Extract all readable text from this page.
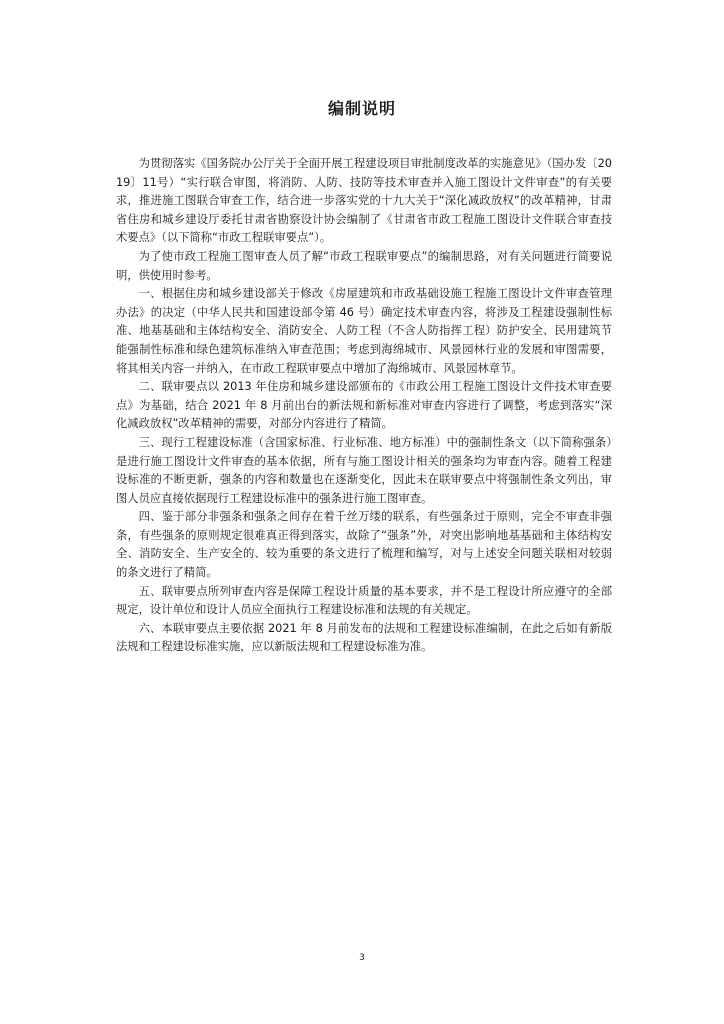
编制说明

为贯彻落实《国务院办公厅关于全面开展工程建设项目审批制度改革的实施意见》（国办发〔2019〕11号）“实行联合审图，将消防、人防、技防等技术审查并入施工图设计文件审查”的有关要求，推进施工图联合审查工作，结合进一步落实党的十九大关于“深化减政放权”的改革精神，甘肃省住房和城乡建设厅委托甘肃省勘察设计协会编制了《甘肃省市政工程施工图设计文件联合审查技术要点》（以下简称“市政工程联审要点”）。

为了使市政工程施工图审查人员了解“市政工程联审要点”的编制思路，对有关问题进行简要说明，供使用时参考。

一、根据住房和城乡建设部关于修改《房屋建筑和市政基础设施工程施工图设计文件审查管理办法》的决定（中华人民共和国建设部令第 46 号）确定技术审查内容，将涉及工程建设强制性标准、地基基础和主体结构安全、消防安全、人防工程（不含人防指挥工程）防护安全、民用建筑节能强制性标准和绿色建筑标准纳入审查范围；考虑到海绵城市、风景园林行业的发展和审图需要，将其相关内容一并纳入，在市政工程联审要点中增加了海绵城市、风景园林章节。

二、联审要点以 2013 年住房和城乡建设部颁布的《市政公用工程施工图设计文件技术审查要点》为基础，结合 2021 年 8 月前出台的新法规和新标准对审查内容进行了调整，考虑到落实“深化减政放权”改革精神的需要，对部分内容进行了精简。

三、现行工程建设标准（含国家标准、行业标准、地方标准）中的强制性条文（以下简称强条）是进行施工图设计文件审查的基本依据，所有与施工图设计相关的强条均为审查内容。随着工程建设标准的不断更新，强条的内容和数量也在逐渐变化，因此未在联审要点中将强制性条文列出，审图人员应直接依据现行工程建设标准中的强条进行施工图审查。

四、鉴于部分非强条和强条之间存在着千丝万缕的联系，有些强条过于原则，完全不审查非强条，有些强条的原则规定很难真正得到落实，故除了“强条”外，对突出影响地基基础和主体结构安全、消防安全、生产安全的、较为重要的条文进行了梳理和编写，对与上述安全问题关联相对较弱的条文进行了精简。

五、联审要点所列审查内容是保障工程设计质量的基本要求，并不是工程设计所应遵守的全部规定，设计单位和设计人员应全面执行工程建设标准和法规的有关规定。

六、本联审要点主要依据 2021 年 8 月前发布的法规和工程建设标准编制，在此之后如有新版法规和工程建设标准实施，应以新版法规和工程建设标准为准。

3
